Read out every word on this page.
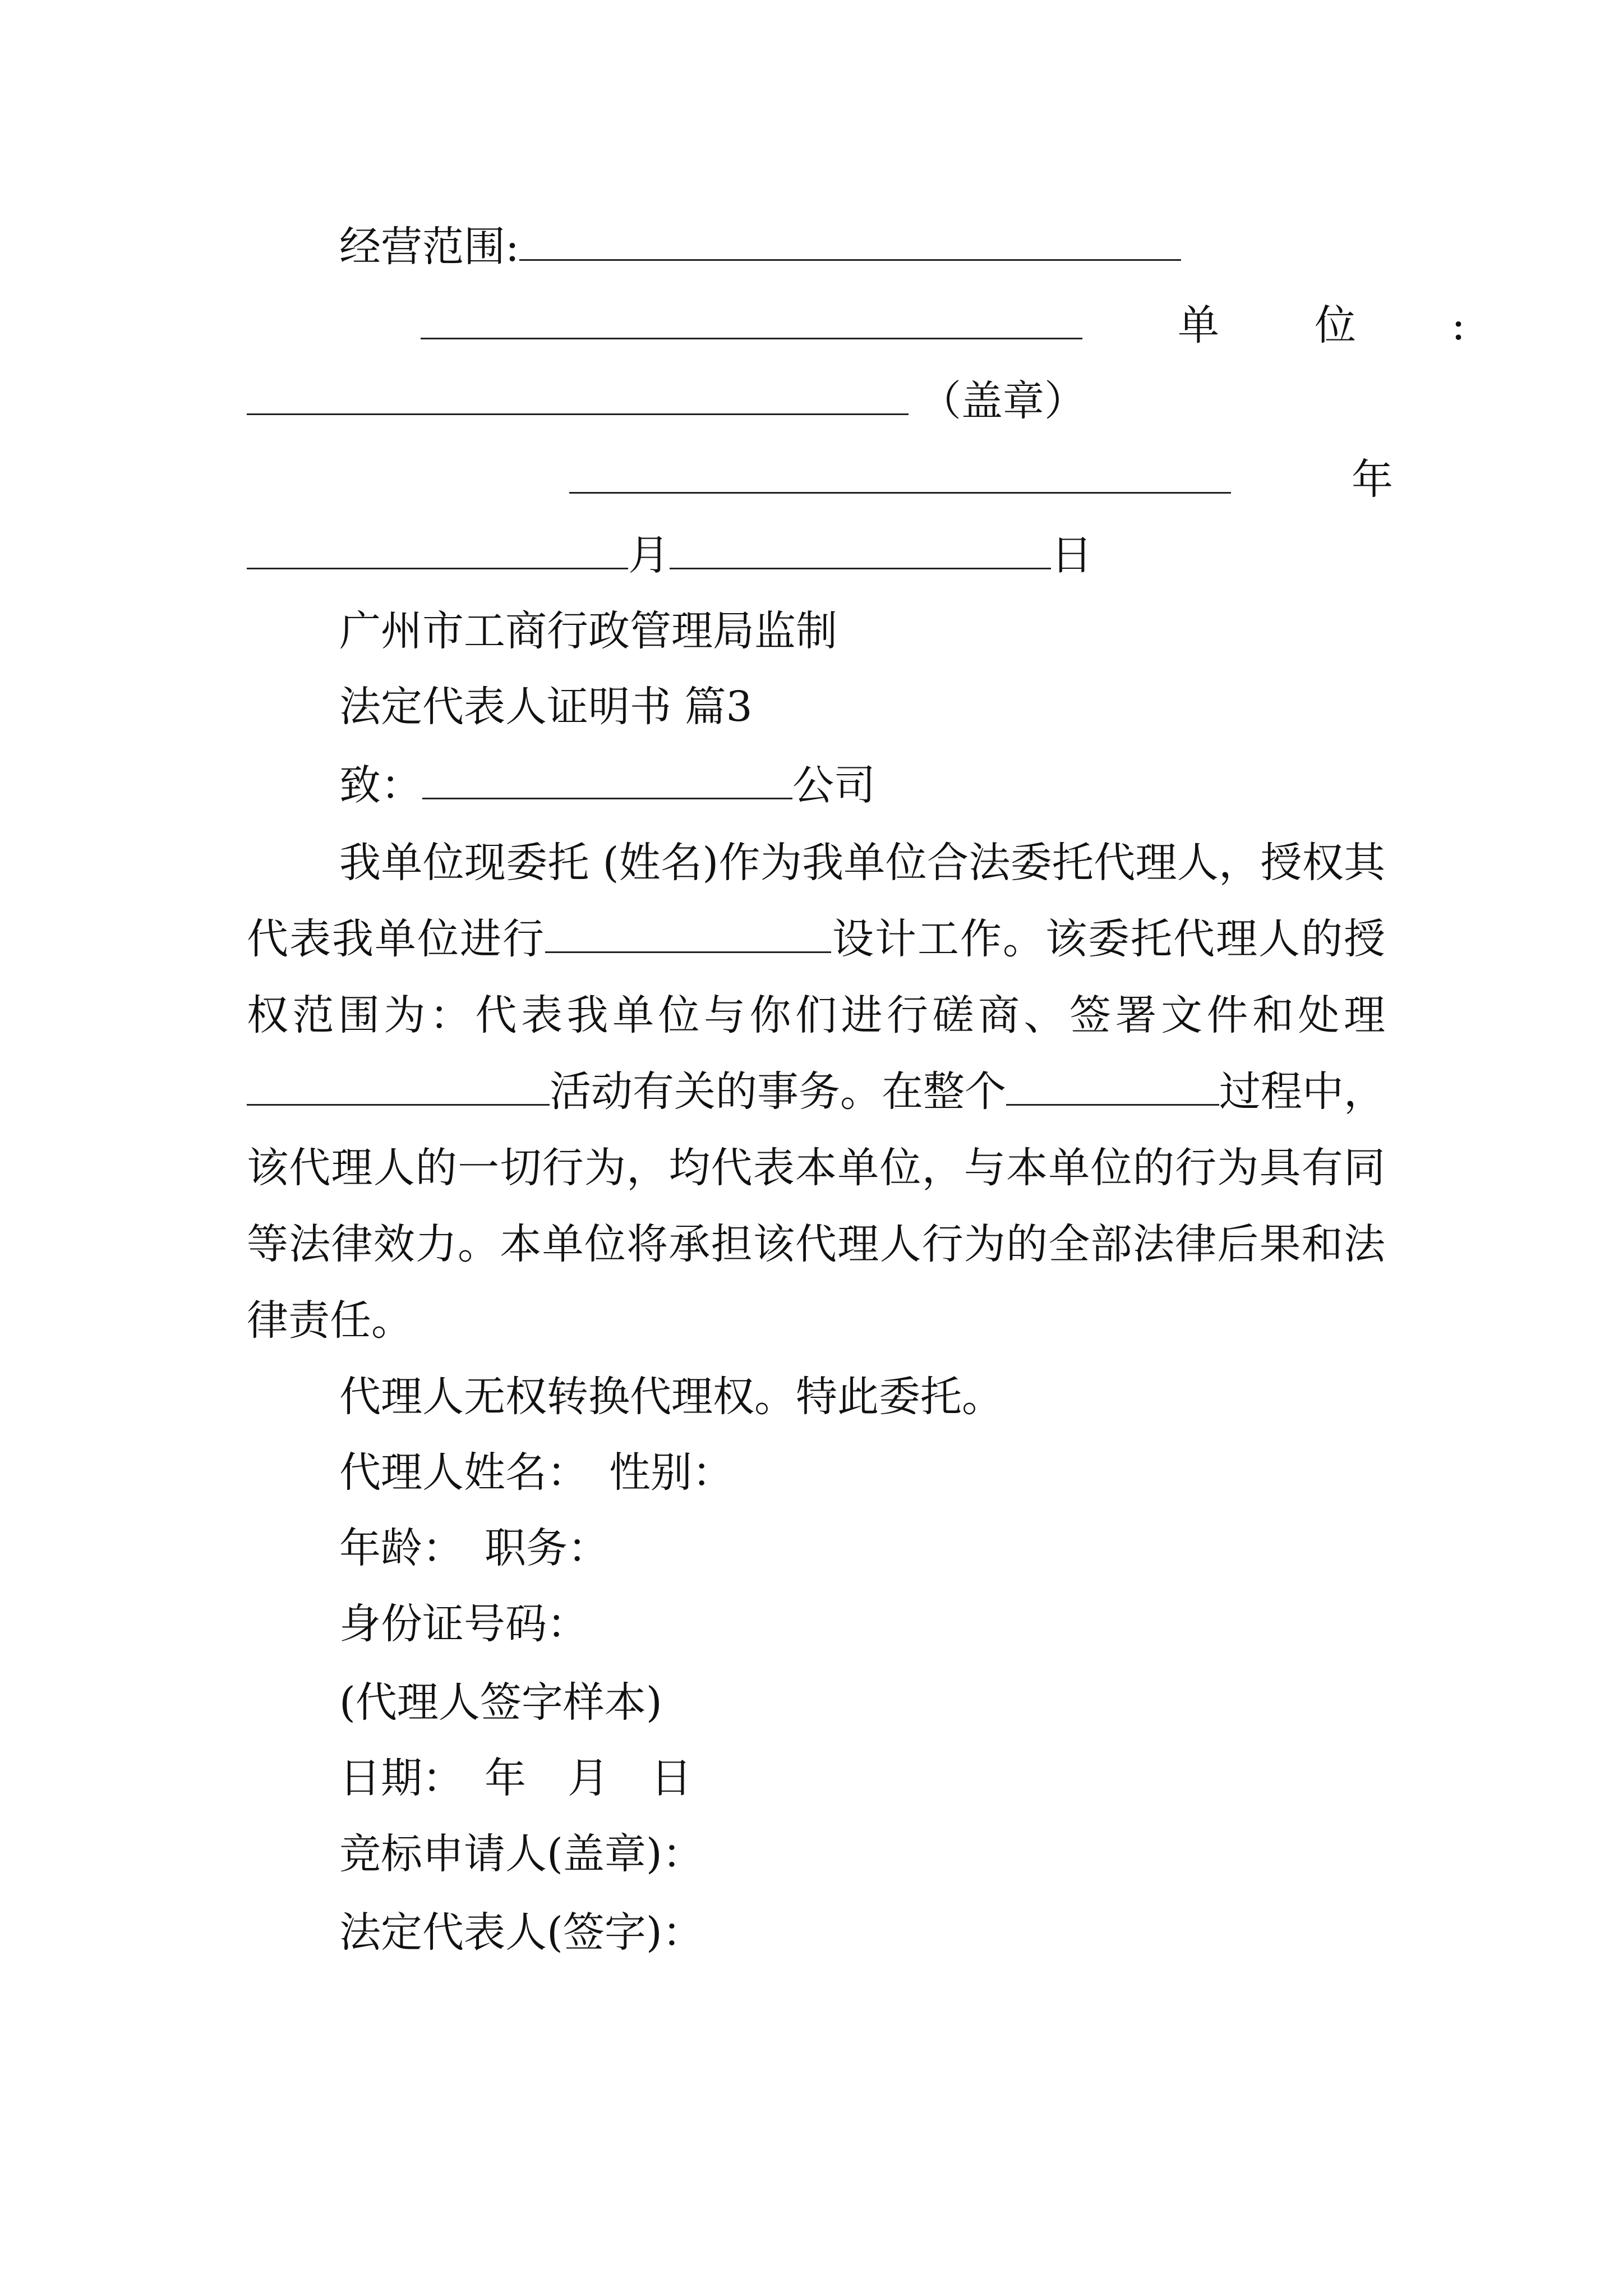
经营范围:
单　位　:
（盖章）
年
月	日
广州市工商行政管理局监制
法定代表人证明书 篇3
致：	公司
我单位现委托 (姓名)作为我单位合法委托代理人，授权其代表我单位进行	设计工作。该委托代理人的授权范围为：代表我单位与你们进行磋商、签署文件和处理活动有关的事务。在整个	过程中，该代理人的一切行为，均代表本单位，与本单位的行为具有同等法律效力。本单位将承担该代理人行为的全部法律后果和法律责任。
代理人无权转换代理权。特此委托。
代理人姓名：　性别：
年龄：　职务：
身份证号码：
(代理人签字样本)
日期：　年　月　日
竞标申请人(盖章)：
法定代表人(签字)：
